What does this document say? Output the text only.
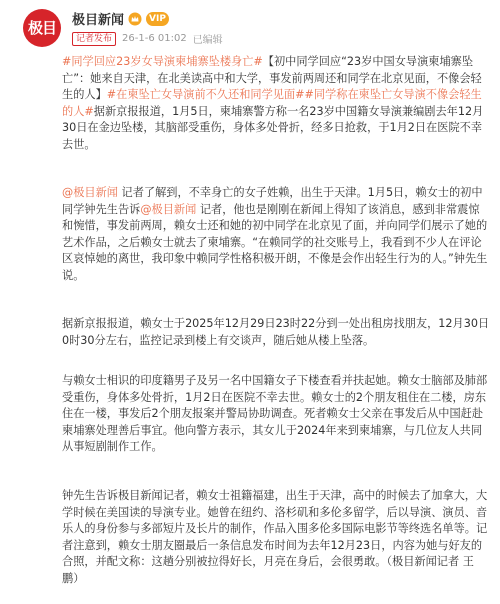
极目	极目新闻	VIP
记者发布	26-1-6 01:02 已编辑
#同学回应23岁女导演柬埔寨坠楼身亡#【初中同学回应“23岁中国女导演柬埔寨坠亡”：她来自天津，在北美读高中和大学，事发前两周还和同学在北京见面，不像会轻生的人】#在柬坠亡女导演前不久还和同学见面##同学称在柬坠亡女导演不像会轻生的人#据新京报报道，1月5日，柬埔寨警方称一名23岁中国籍女导演兼编剧去年12月30日在金边坠楼，其脑部受重伤，身体多处骨折，经多日抢救，于1月2日在医院不幸去世。
@极目新闻 记者了解到，不幸身亡的女子姓赖，出生于天津。1月5日，赖女士的初中同学钟先生告诉@极目新闻 记者，他也是刚刚在新闻上得知了该消息，感到非常震惊和惋惜，事发前两周，赖女士还和她的初中同学在北京见了面，并向同学们展示了她的艺术作品，之后赖女士就去了柬埔寨。“在赖同学的社交账号上，我看到不少人在评论区哀悼她的离世，我印象中赖同学性格积极开朗，不像是会作出轻生行为的人。”钟先生说。
据新京报报道，赖女士于2025年12月29日23时22分到一处出租房找朋友，12月30日0时30分左右，监控记录到楼上有交谈声，随后她从楼上坠落。
与赖女士相识的印度籍男子及另一名中国籍女子下楼查看并扶起她。赖女士脑部及肺部受重伤，身体多处骨折，1月2日在医院不幸去世。赖女士的2个朋友租住在二楼，房东住在一楼，事发后2个朋友报案并警局协助调查。死者赖女士父亲在事发后从中国赶赴柬埔寨处理善后事宜。他向警方表示，其女儿于2024年来到柬埔寨，与几位友人共同从事短剧制作工作。
钟先生告诉极目新闻记者，赖女士祖籍福建，出生于天津，高中的时候去了加拿大，大学时候在美国读的导演专业。她曾在纽约、洛杉矶和多伦多留学，后以导演、演员、音乐人的身份参与多部短片及长片的制作，作品入围多伦多国际电影节等终选名单等。记者注意到，赖女士朋友圈最后一条信息发布时间为去年12月23日，内容为她与好友的合照，并配文称：这趟分别被拉得好长，月亮在身后，会很勇敢。（极目新闻记者 王鹏）
